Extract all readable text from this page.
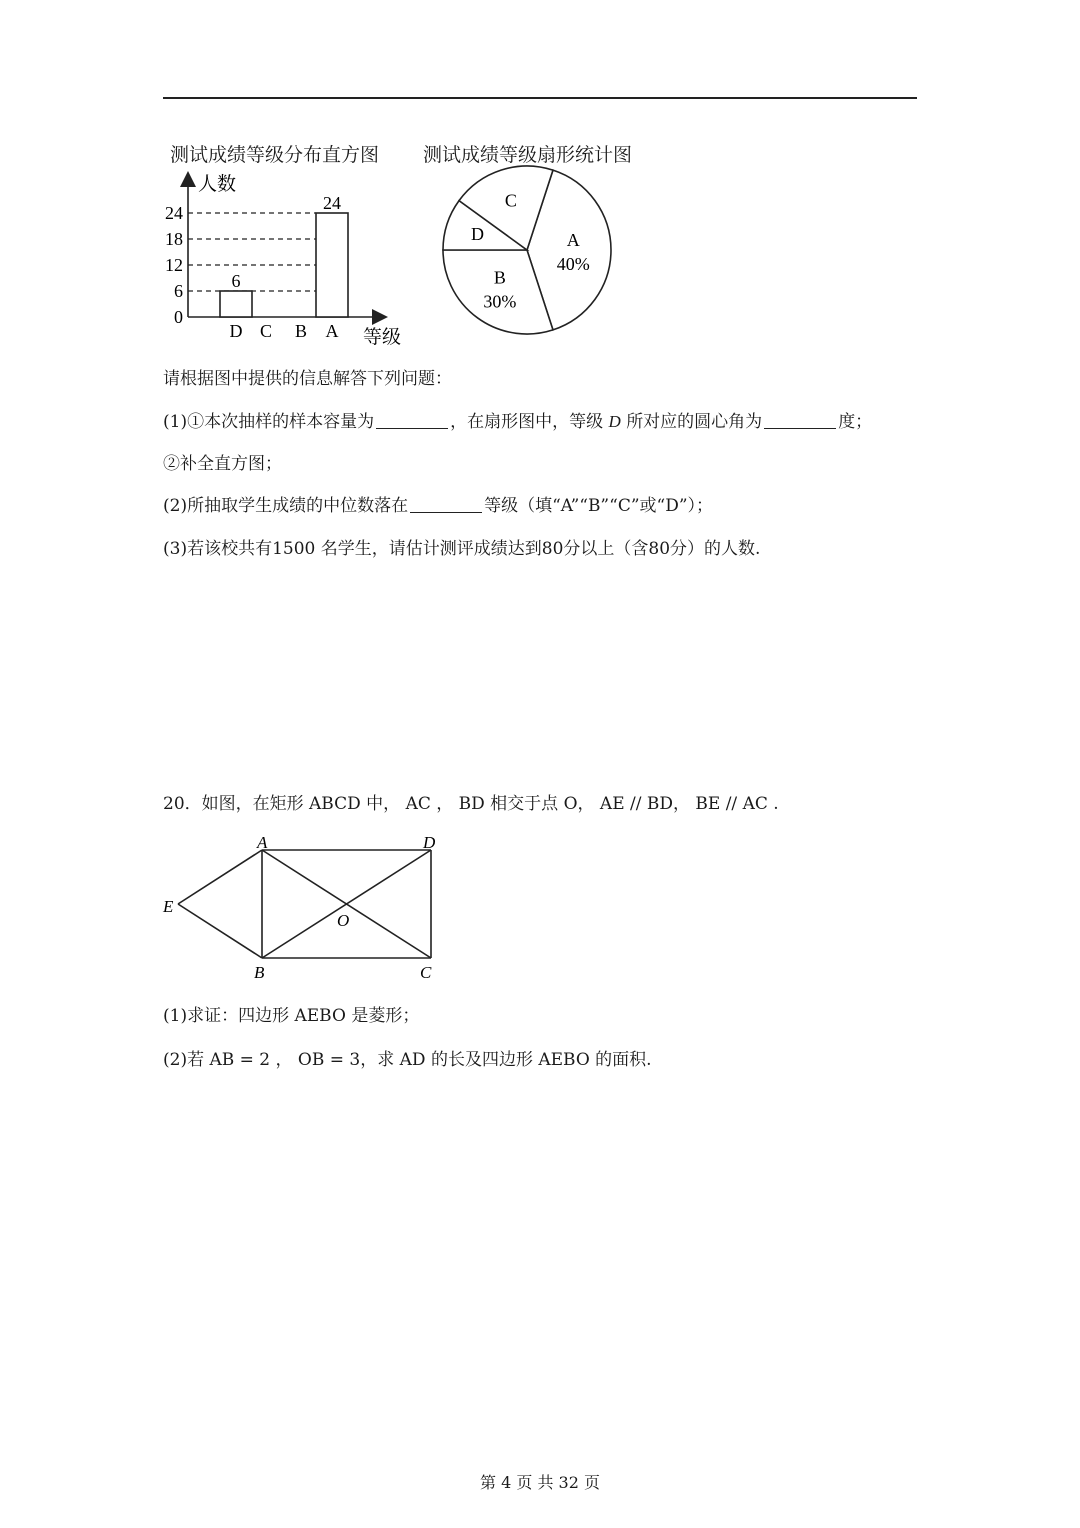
测试成绩等级分布直方图 测试成绩等级扇形统计图
人数
等级
0
24
18
12
6	6
24
D C B A
A
40%
B
30%
D
C
请根据图中提供的信息解答下列问题：
(1)①本次抽样的样本容量为	，在扇形图中，等级 D 所对应的圆心角为	度；
②补全直方图；
(2)所抽取学生成绩的中位数落在	等级（填“A”“B”“C”或“D”）；
(3)若该校共有1500 名学生，请估计测评成绩达到80分以上（含80分）的人数.
20．如图，在矩形 ABCD 中， AC ， BD 相交于点 O， AE // BD， BE // AC .
A	D
B	C
E
O
(1)求证：四边形 AEBO 是菱形；
(2)若 AB = 2 ， OB = 3，求 AD 的长及四边形 AEBO 的面积.
第 4 页 共 32 页
